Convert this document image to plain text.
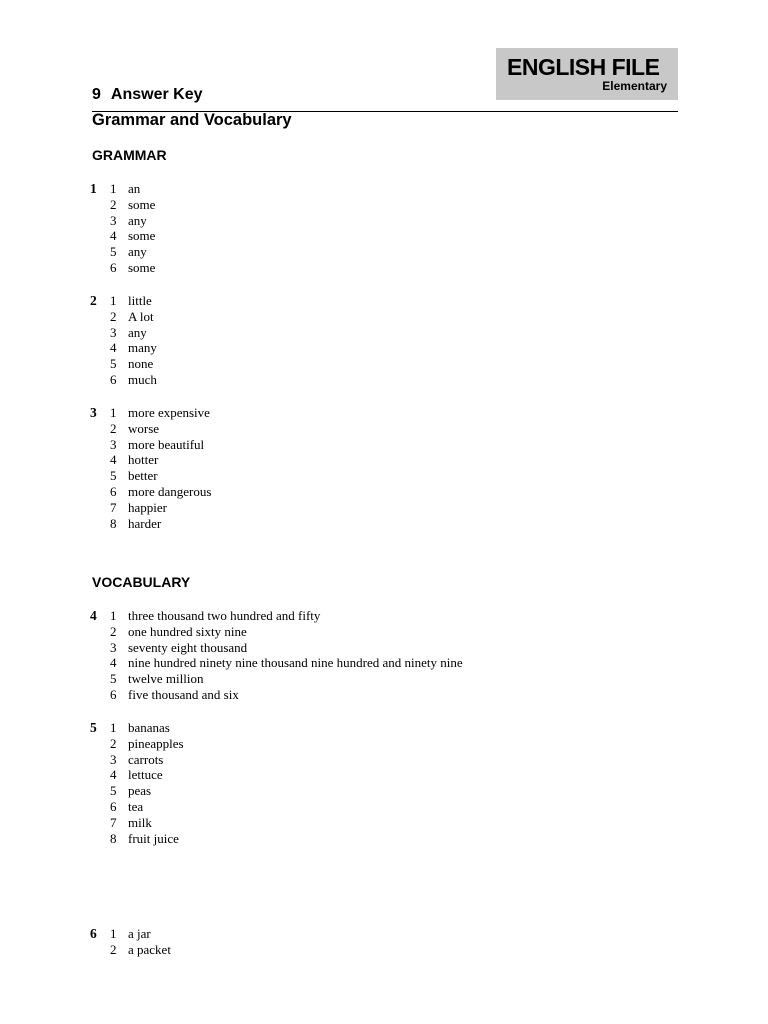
ENGLISH FILE
Elementary
9 Answer Key
Grammar and Vocabulary
GRAMMAR
1	1 an
2 some
3 any
4 some
5 any
6 some
2	1 little
2 A lot
3 any
4 many
5 none
6 much
3	1 more expensive
2 worse
3 more beautiful
4 hotter
5 better
6 more dangerous
7 happier
8 harder
VOCABULARY
4	1 three thousand two hundred and fifty
2 one hundred sixty nine
3 seventy eight thousand
4 nine hundred ninety nine thousand nine hundred and ninety nine
5 twelve million
6 five thousand and six
5	1 bananas
2 pineapples
3 carrots
4 lettuce
5 peas
6 tea
7 milk
8 fruit juice
6	1 a jar
2 a packet
